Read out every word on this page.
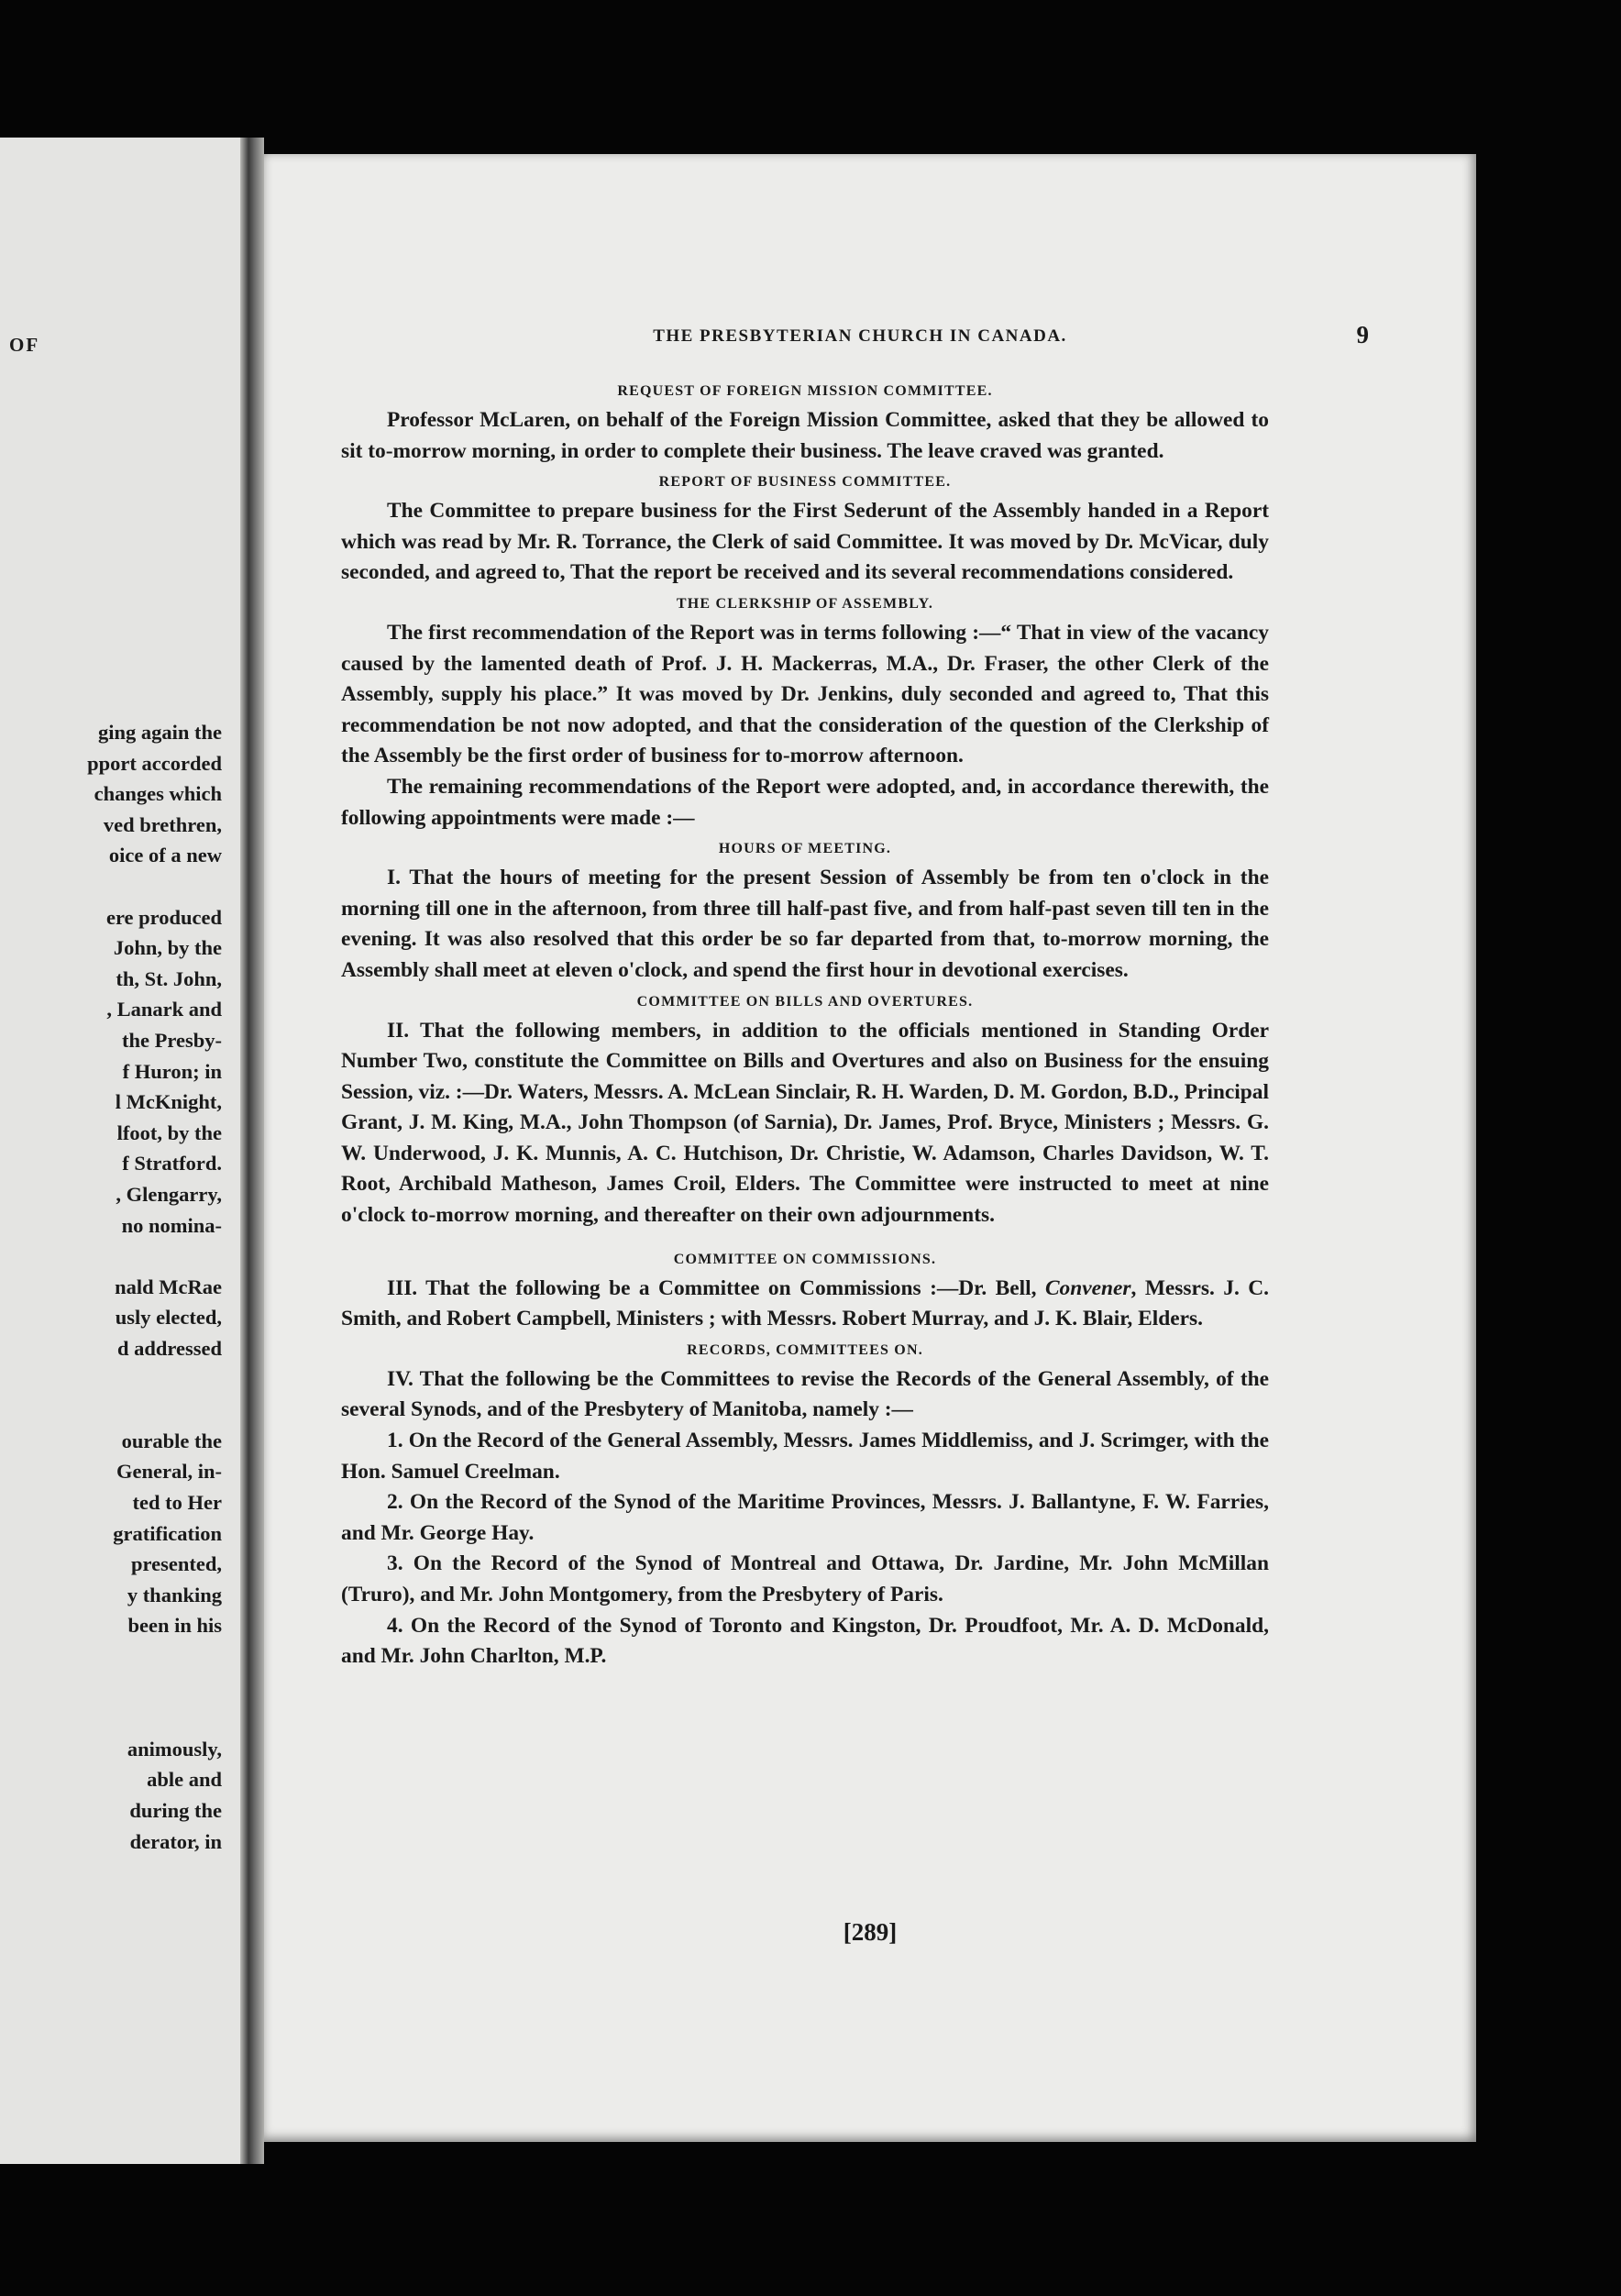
OF
ging again the
pport accorded
changes which
ved brethren,
oice of a new
ere produced
John, by the
th, St. John,
, Lanark and
the Presby-
f Huron; in
l McKnight,
lfoot, by the
f Stratford.
, Glengarry,
no nomina-
nald McRae
usly elected,
d addressed
ourable the
General, in-
ted to Her
gratification
presented,
y thanking
been in his
animously,
able and
during the
derator, in
THE PRESBYTERIAN CHURCH IN CANADA.	9
REQUEST OF FOREIGN MISSION COMMITTEE.

Professor McLaren, on behalf of the Foreign Mission Committee, asked that they be allowed to sit to-morrow morning, in order to complete their business. The leave craved was granted.

REPORT OF BUSINESS COMMITTEE.

The Committee to prepare business for the First Sederunt of the Assembly handed in a Report which was read by Mr. R. Torrance, the Clerk of said Committee. It was moved by Dr. McVicar, duly seconded, and agreed to, That the report be received and its several recommendations considered.

THE CLERKSHIP OF ASSEMBLY.

The first recommendation of the Report was in terms following :—“ That in view of the vacancy caused by the lamented death of Prof. J. H. Mackerras, M.A., Dr. Fraser, the other Clerk of the Assembly, supply his place.” It was moved by Dr. Jenkins, duly seconded and agreed to, That this recommendation be not now adopted, and that the consideration of the question of the Clerkship of the Assembly be the first order of business for to-morrow afternoon.

The remaining recommendations of the Report were adopted, and, in accordance therewith, the following appointments were made :—

HOURS OF MEETING.

I. That the hours of meeting for the present Session of Assembly be from ten o'clock in the morning till one in the afternoon, from three till half-past five, and from half-past seven till ten in the evening. It was also resolved that this order be so far departed from that, to-morrow morning, the Assembly shall meet at eleven o'clock, and spend the first hour in devotional exercises.

COMMITTEE ON BILLS AND OVERTURES.

II. That the following members, in addition to the officials mentioned in Standing Order Number Two, constitute the Committee on Bills and Overtures and also on Business for the ensuing Session, viz. :—Dr. Waters, Messrs. A. McLean Sinclair, R. H. Warden, D. M. Gordon, B.D., Principal Grant, J. M. King, M.A., John Thompson (of Sarnia), Dr. James, Prof. Bryce, Ministers ; Messrs. G. W. Underwood, J. K. Munnis, A. C. Hutchison, Dr. Christie, W. Adamson, Charles Davidson, W. T. Root, Archibald Matheson, James Croil, Elders. The Committee were instructed to meet at nine o'clock to-morrow morning, and thereafter on their own adjournments.

COMMITTEE ON COMMISSIONS.

III. That the following be a Committee on Commissions :—Dr. Bell, Convener, Messrs. J. C. Smith, and Robert Campbell, Ministers ; with Messrs. Robert Murray, and J. K. Blair, Elders.

RECORDS, COMMITTEES ON.

IV. That the following be the Committees to revise the Records of the General Assembly, of the several Synods, and of the Presbytery of Manitoba, namely :—

1. On the Record of the General Assembly, Messrs. James Middlemiss, and J. Scrimger, with the Hon. Samuel Creelman.

2. On the Record of the Synod of the Maritime Provinces, Messrs. J. Ballantyne, F. W. Farries, and Mr. George Hay.

3. On the Record of the Synod of Montreal and Ottawa, Dr. Jardine, Mr. John McMillan (Truro), and Mr. John Montgomery, from the Presbytery of Paris.

4. On the Record of the Synod of Toronto and Kingston, Dr. Proudfoot, Mr. A. D. McDonald, and Mr. John Charlton, M.P.

[289]
